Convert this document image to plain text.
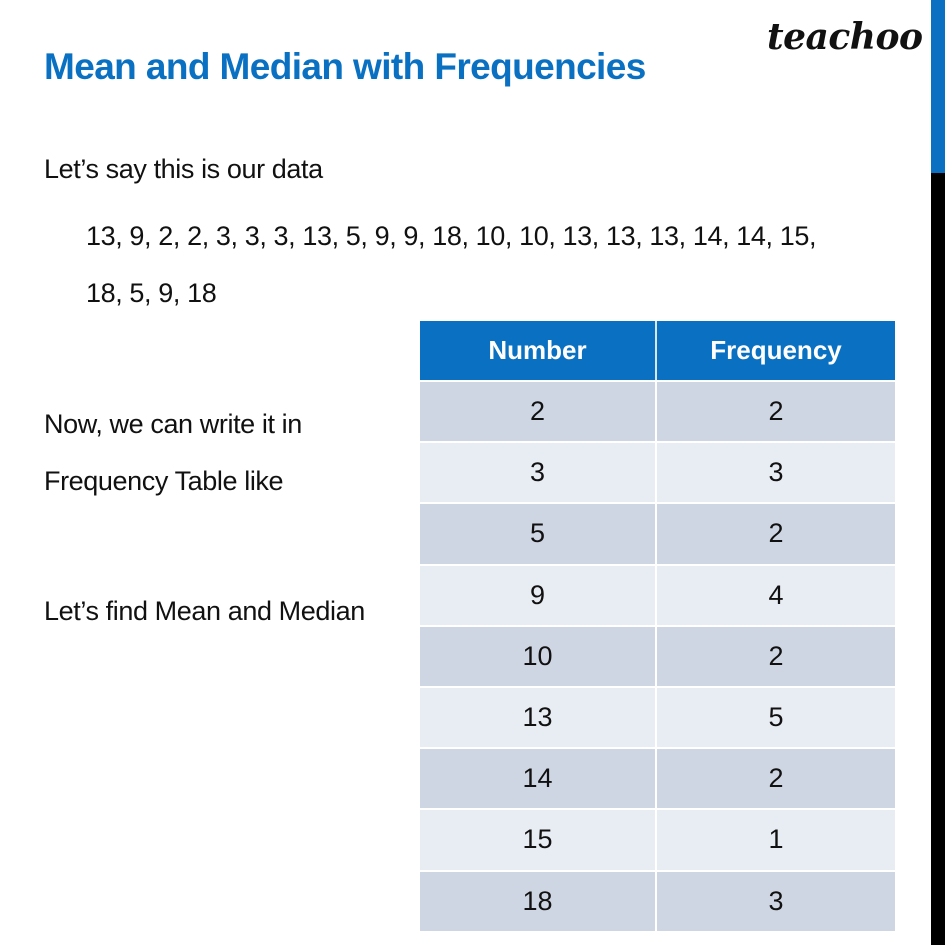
Mean and Median with Frequencies
teachoo
Let’s say this is our data
13, 9, 2, 2, 3, 3, 3, 13, 5, 9, 9, 18, 10, 10, 13, 13, 13, 14, 14, 15,
18, 5, 9, 18
Now, we can write it in
Frequency Table like
Let’s find Mean and Median
Number	Frequency
2	2
3	3
5	2
9	4
10	2
13	5
14	2
15	1
18	3
